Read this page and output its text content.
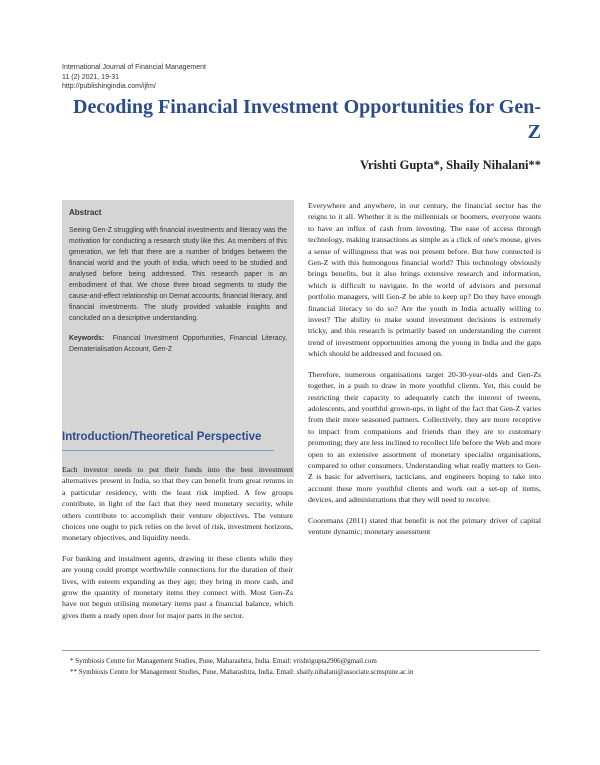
International Journal of Financial Management
11 (2) 2021, 19-31
http://publishingindia.com/ijfm/
Decoding Financial Investment Opportunities for Gen-Z
Vrishti Gupta*, Shaily Nihalani**
Abstract

Seeing Gen-Z struggling with financial investments and literacy was the motivation for conducting a research study like this. As members of this generation, we felt that there are a number of bridges between the financial world and the youth of India, which need to be studied and analysed before being addressed. This research paper is an embodiment of that. We chose three broad segments to study the cause-and-effect relationship on Demat accounts, financial literacy, and financial investments. The study provided valuable insights and concluded on a descriptive understanding.

Keywords: Financial Investment Opportunities, Financial Literacy, Dematerialisation Account, Gen-Z

Introduction/Theoretical Perspective

Each investor needs to put their funds into the best investment alternatives present in India, so that they can benefit from great returns in a particular residency, with the least risk implied. A few groups contribute, in light of the fact that they need monetary security, while others contribute to accomplish their venture objectives. The venture choices one ought to pick relies on the level of risk, investment horizons, monetary objectives, and liquidity needs.

For banking and instalment agents, drawing in these clients while they are young could prompt worthwhile connections for the duration of their lives, with esteem expanding as they age; they bring in more cash, and grow the quantity of monetary items they connect with. Most Gen-Zs have not begun utilising monetary items past a financial balance, which gives them a ready open door for major parts in the sector.

Everywhere and anywhere, in our century, the financial sector has the reigns to it all. Whether it is the millennials or boomers, everyone wants to have an influx of cash from investing. The ease of access through technology, making transactions as simple as a click of one's mouse, gives a sense of willingness that was not present before. But how connected is Gen-Z with this humongous financial world? This technology obviously brings benefits, but it also brings extensive research and information, which is difficult to navigate. In the world of advisors and personal portfolio managers, will Gen-Z be able to keep up? Do they have enough financial literacy to do so? Are the youth in India actually willing to invest? The ability to make sound investment decisions is extremely tricky, and this research is primarily based on understanding the current trend of investment opportunities among the young in India and the gaps which should be addressed and focused on.

Therefore, numerous organisations target 20-30-year-olds and Gen-Zs together, in a push to draw in more youthful clients. Yet, this could be restricting their capacity to adequately catch the interest of tweens, adolescents, and youthful grown-ups, in light of the fact that Gen-Z varies from their more seasoned partners. Collectively, they are more receptive to impact from companions and friends than they are to customary promoting; they are less inclined to recollect life before the Web and more open to an extensive assortment of monetary specialist organisations, compared to other consumers. Understanding what really matters to Gen-Z is basic for advertisers, tacticians, and engineers hoping to take into account these more youthful clients and work out a set-up of items, devices, and administrations that they will need to receive.

Cooremans (2011) stated that benefit is not the primary driver of capital venture dynamic; monetary assessment

* Symbiosis Centre for Management Studies, Pune, Maharashtra, India. Email: vrishtigupta2906@gmail.com
** Symbiosis Centre for Management Studies, Pune, Maharashtra, India. Email: shaily.nihalani@associate.scmspune.ac.in
